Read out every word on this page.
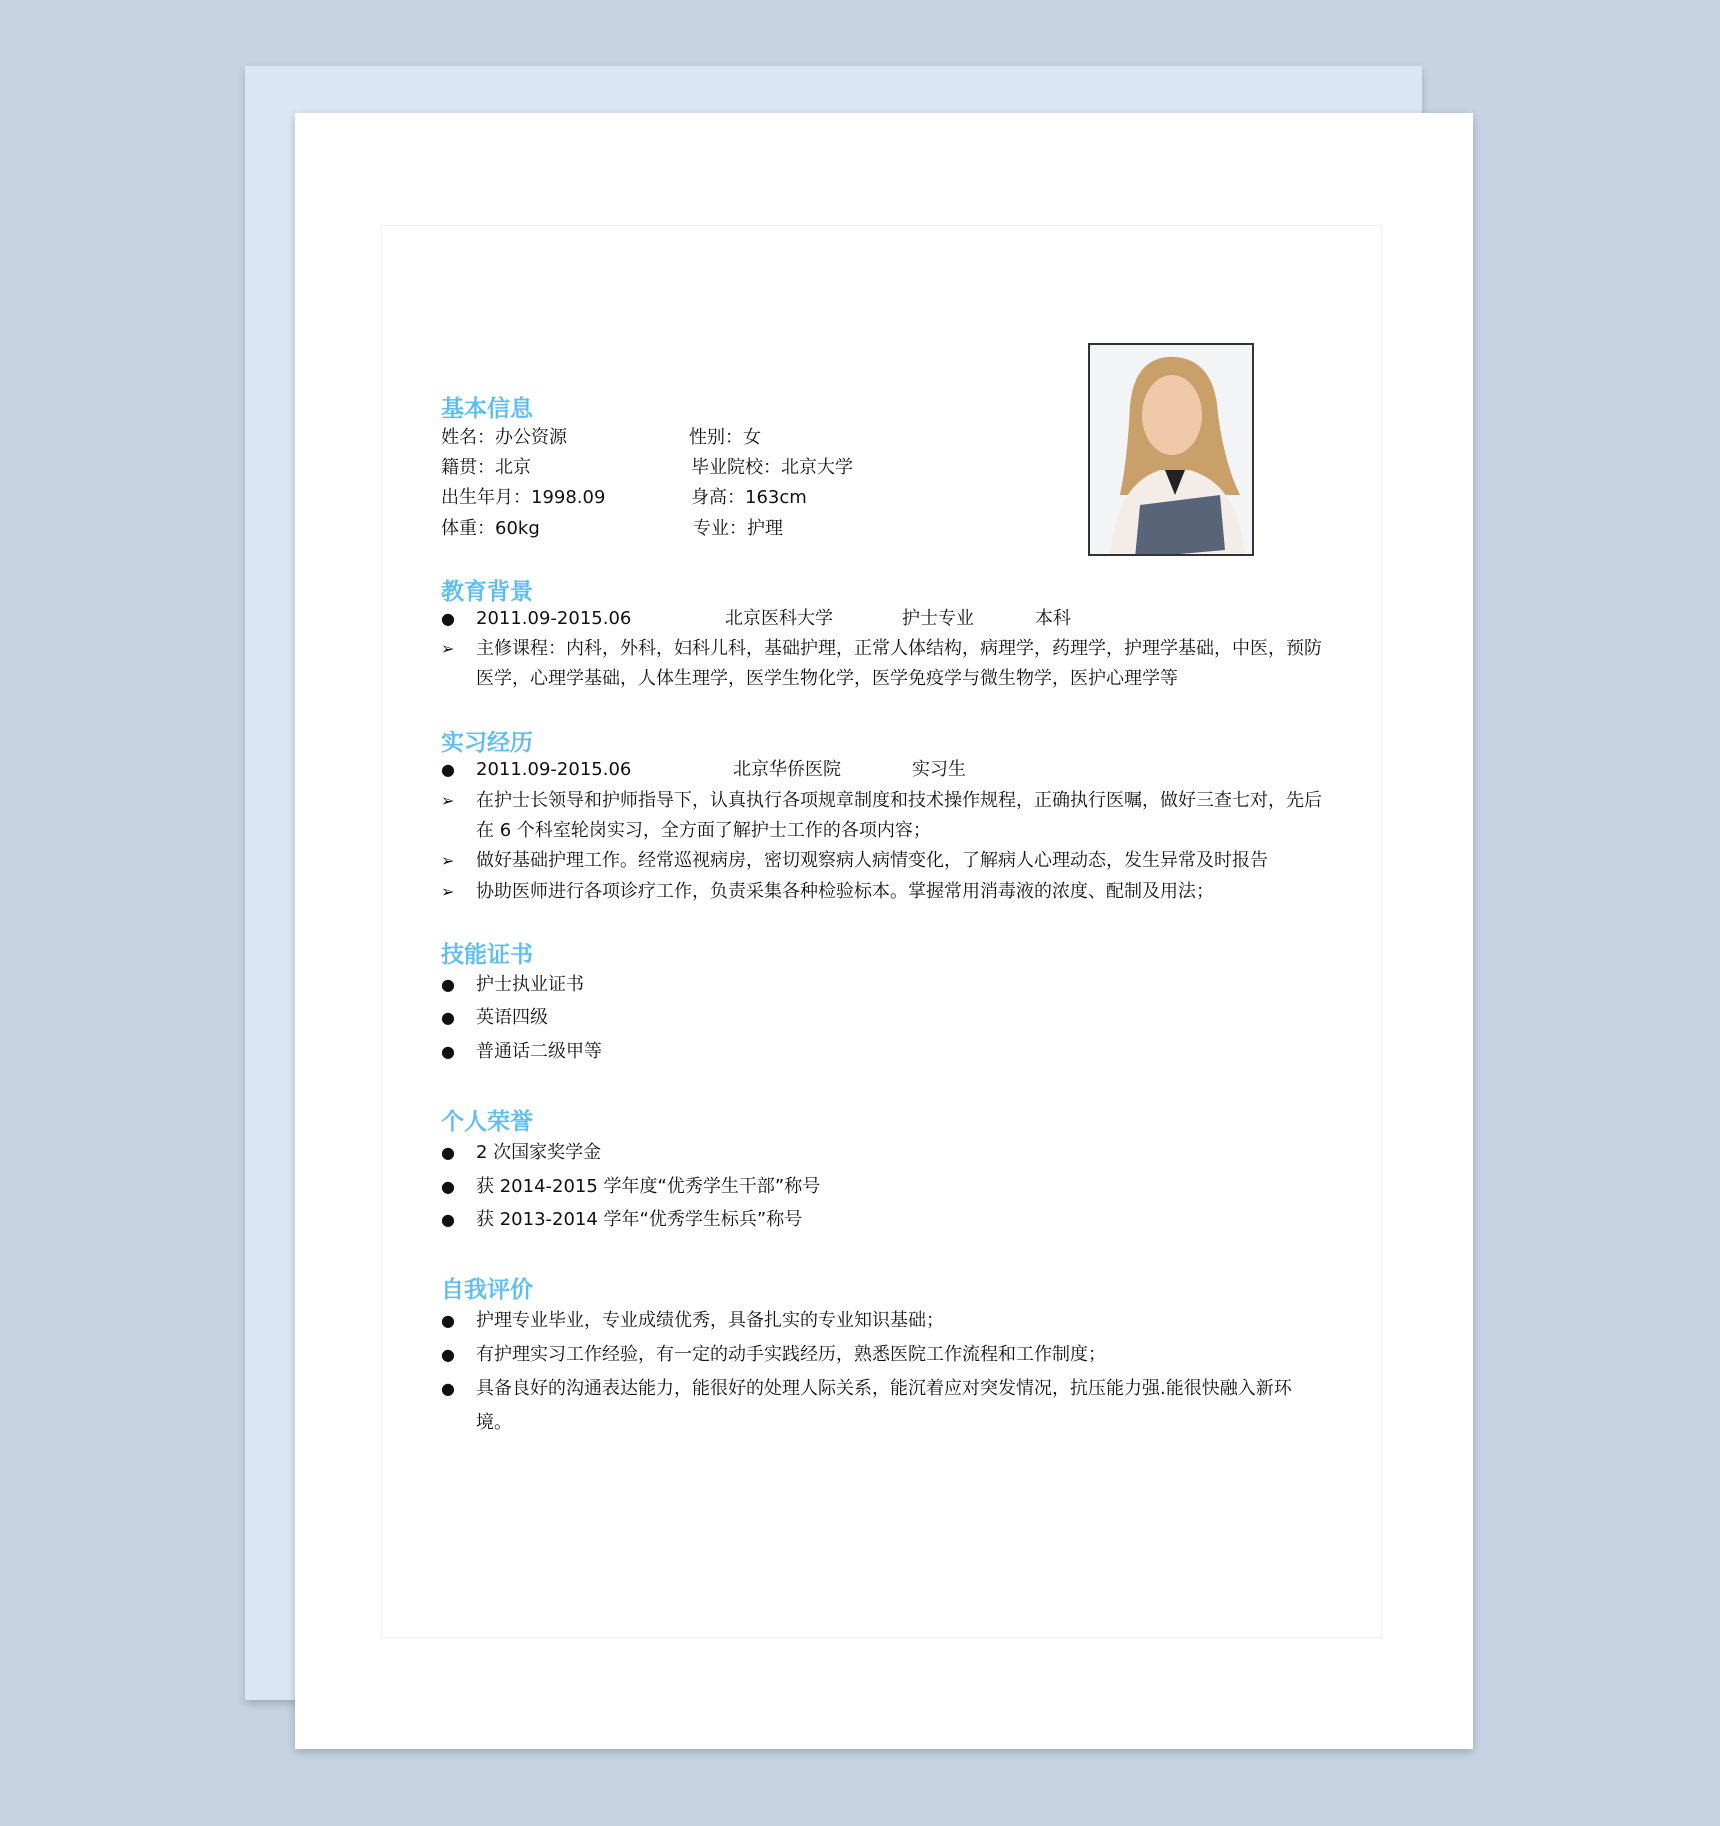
基本信息
姓名：办公资源	性别：女
籍贯：北京	毕业院校：北京大学
出生年月：1998.09	身高：163cm
体重：60kg	专业：护理
教育背景
●	2011.09-2015.06	北京医科大学	护士专业	本科
➢	主修课程：内科，外科，妇科儿科，基础护理，正常人体结构，病理学，药理学，护理学基础，中医，预防医学，心理学基础，人体生理学，医学生物化学，医学免疫学与微生物学，医护心理学等
实习经历
●	2011.09-2015.06	北京华侨医院	实习生
➢	在护士长领导和护师指导下，认真执行各项规章制度和技术操作规程，正确执行医嘱，做好三查七对，先后在 6 个科室轮岗实习，全方面了解护士工作的各项内容；
➢	做好基础护理工作。经常巡视病房，密切观察病人病情变化，了解病人心理动态，发生异常及时报告
➢	协助医师进行各项诊疗工作，负责采集各种检验标本。掌握常用消毒液的浓度、配制及用法；
技能证书
●	护士执业证书
●	英语四级
●	普通话二级甲等
个人荣誉
●	2 次国家奖学金
●	获 2014-2015 学年度“优秀学生干部”称号
●	获 2013-2014 学年“优秀学生标兵”称号
自我评价
●	护理专业毕业，专业成绩优秀，具备扎实的专业知识基础；
●	有护理实习工作经验，有一定的动手实践经历，熟悉医院工作流程和工作制度；
●	具备良好的沟通表达能力，能很好的处理人际关系，能沉着应对突发情况，抗压能力强.能很快融入新环境。
